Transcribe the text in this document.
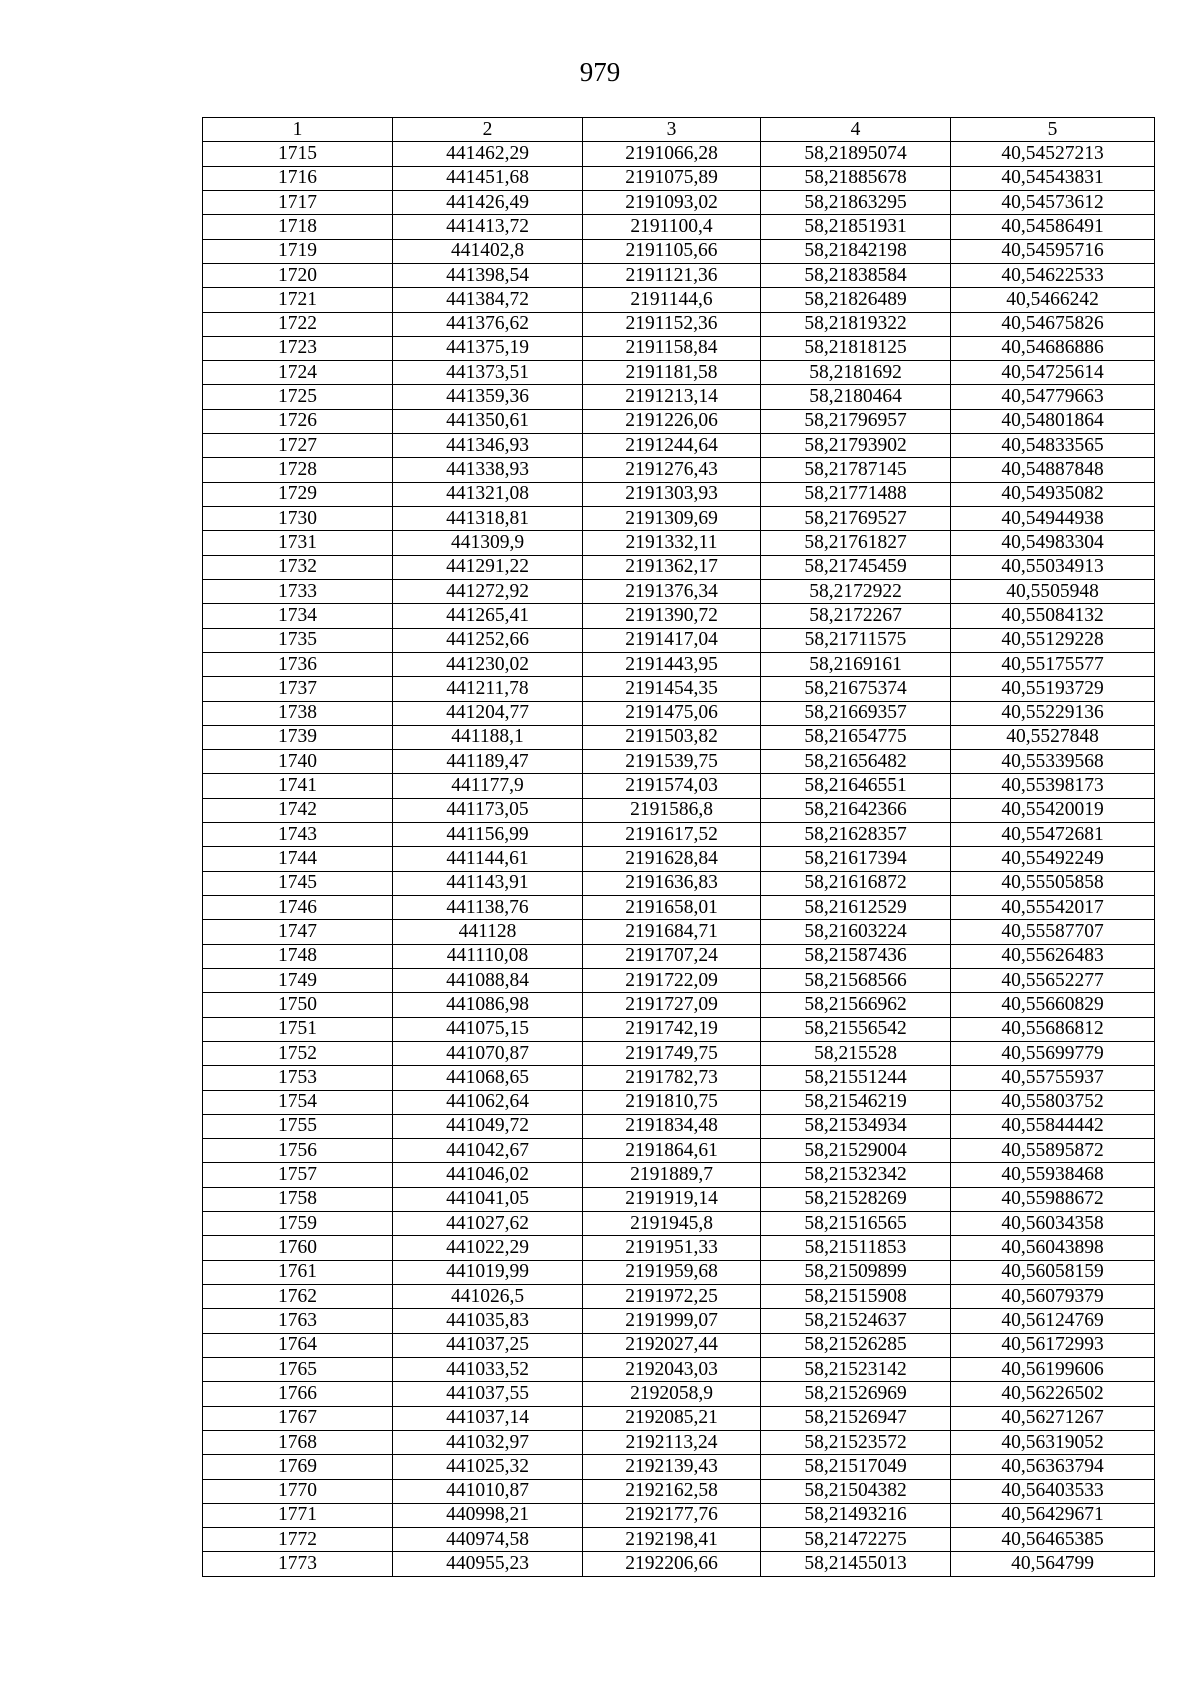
979
1	2	3	4	5
1715	441462,29	2191066,28	58,21895074	40,54527213
1716	441451,68	2191075,89	58,21885678	40,54543831
1717	441426,49	2191093,02	58,21863295	40,54573612
1718	441413,72	2191100,4	58,21851931	40,54586491
1719	441402,8	2191105,66	58,21842198	40,54595716
1720	441398,54	2191121,36	58,21838584	40,54622533
1721	441384,72	2191144,6	58,21826489	40,5466242
1722	441376,62	2191152,36	58,21819322	40,54675826
1723	441375,19	2191158,84	58,21818125	40,54686886
1724	441373,51	2191181,58	58,2181692	40,54725614
1725	441359,36	2191213,14	58,2180464	40,54779663
1726	441350,61	2191226,06	58,21796957	40,54801864
1727	441346,93	2191244,64	58,21793902	40,54833565
1728	441338,93	2191276,43	58,21787145	40,54887848
1729	441321,08	2191303,93	58,21771488	40,54935082
1730	441318,81	2191309,69	58,21769527	40,54944938
1731	441309,9	2191332,11	58,21761827	40,54983304
1732	441291,22	2191362,17	58,21745459	40,55034913
1733	441272,92	2191376,34	58,2172922	40,5505948
1734	441265,41	2191390,72	58,2172267	40,55084132
1735	441252,66	2191417,04	58,21711575	40,55129228
1736	441230,02	2191443,95	58,2169161	40,55175577
1737	441211,78	2191454,35	58,21675374	40,55193729
1738	441204,77	2191475,06	58,21669357	40,55229136
1739	441188,1	2191503,82	58,21654775	40,5527848
1740	441189,47	2191539,75	58,21656482	40,55339568
1741	441177,9	2191574,03	58,21646551	40,55398173
1742	441173,05	2191586,8	58,21642366	40,55420019
1743	441156,99	2191617,52	58,21628357	40,55472681
1744	441144,61	2191628,84	58,21617394	40,55492249
1745	441143,91	2191636,83	58,21616872	40,55505858
1746	441138,76	2191658,01	58,21612529	40,55542017
1747	441128	2191684,71	58,21603224	40,55587707
1748	441110,08	2191707,24	58,21587436	40,55626483
1749	441088,84	2191722,09	58,21568566	40,55652277
1750	441086,98	2191727,09	58,21566962	40,55660829
1751	441075,15	2191742,19	58,21556542	40,55686812
1752	441070,87	2191749,75	58,215528	40,55699779
1753	441068,65	2191782,73	58,21551244	40,55755937
1754	441062,64	2191810,75	58,21546219	40,55803752
1755	441049,72	2191834,48	58,21534934	40,55844442
1756	441042,67	2191864,61	58,21529004	40,55895872
1757	441046,02	2191889,7	58,21532342	40,55938468
1758	441041,05	2191919,14	58,21528269	40,55988672
1759	441027,62	2191945,8	58,21516565	40,56034358
1760	441022,29	2191951,33	58,21511853	40,56043898
1761	441019,99	2191959,68	58,21509899	40,56058159
1762	441026,5	2191972,25	58,21515908	40,56079379
1763	441035,83	2191999,07	58,21524637	40,56124769
1764	441037,25	2192027,44	58,21526285	40,56172993
1765	441033,52	2192043,03	58,21523142	40,56199606
1766	441037,55	2192058,9	58,21526969	40,56226502
1767	441037,14	2192085,21	58,21526947	40,56271267
1768	441032,97	2192113,24	58,21523572	40,56319052
1769	441025,32	2192139,43	58,21517049	40,56363794
1770	441010,87	2192162,58	58,21504382	40,56403533
1771	440998,21	2192177,76	58,21493216	40,56429671
1772	440974,58	2192198,41	58,21472275	40,56465385
1773	440955,23	2192206,66	58,21455013	40,564799
